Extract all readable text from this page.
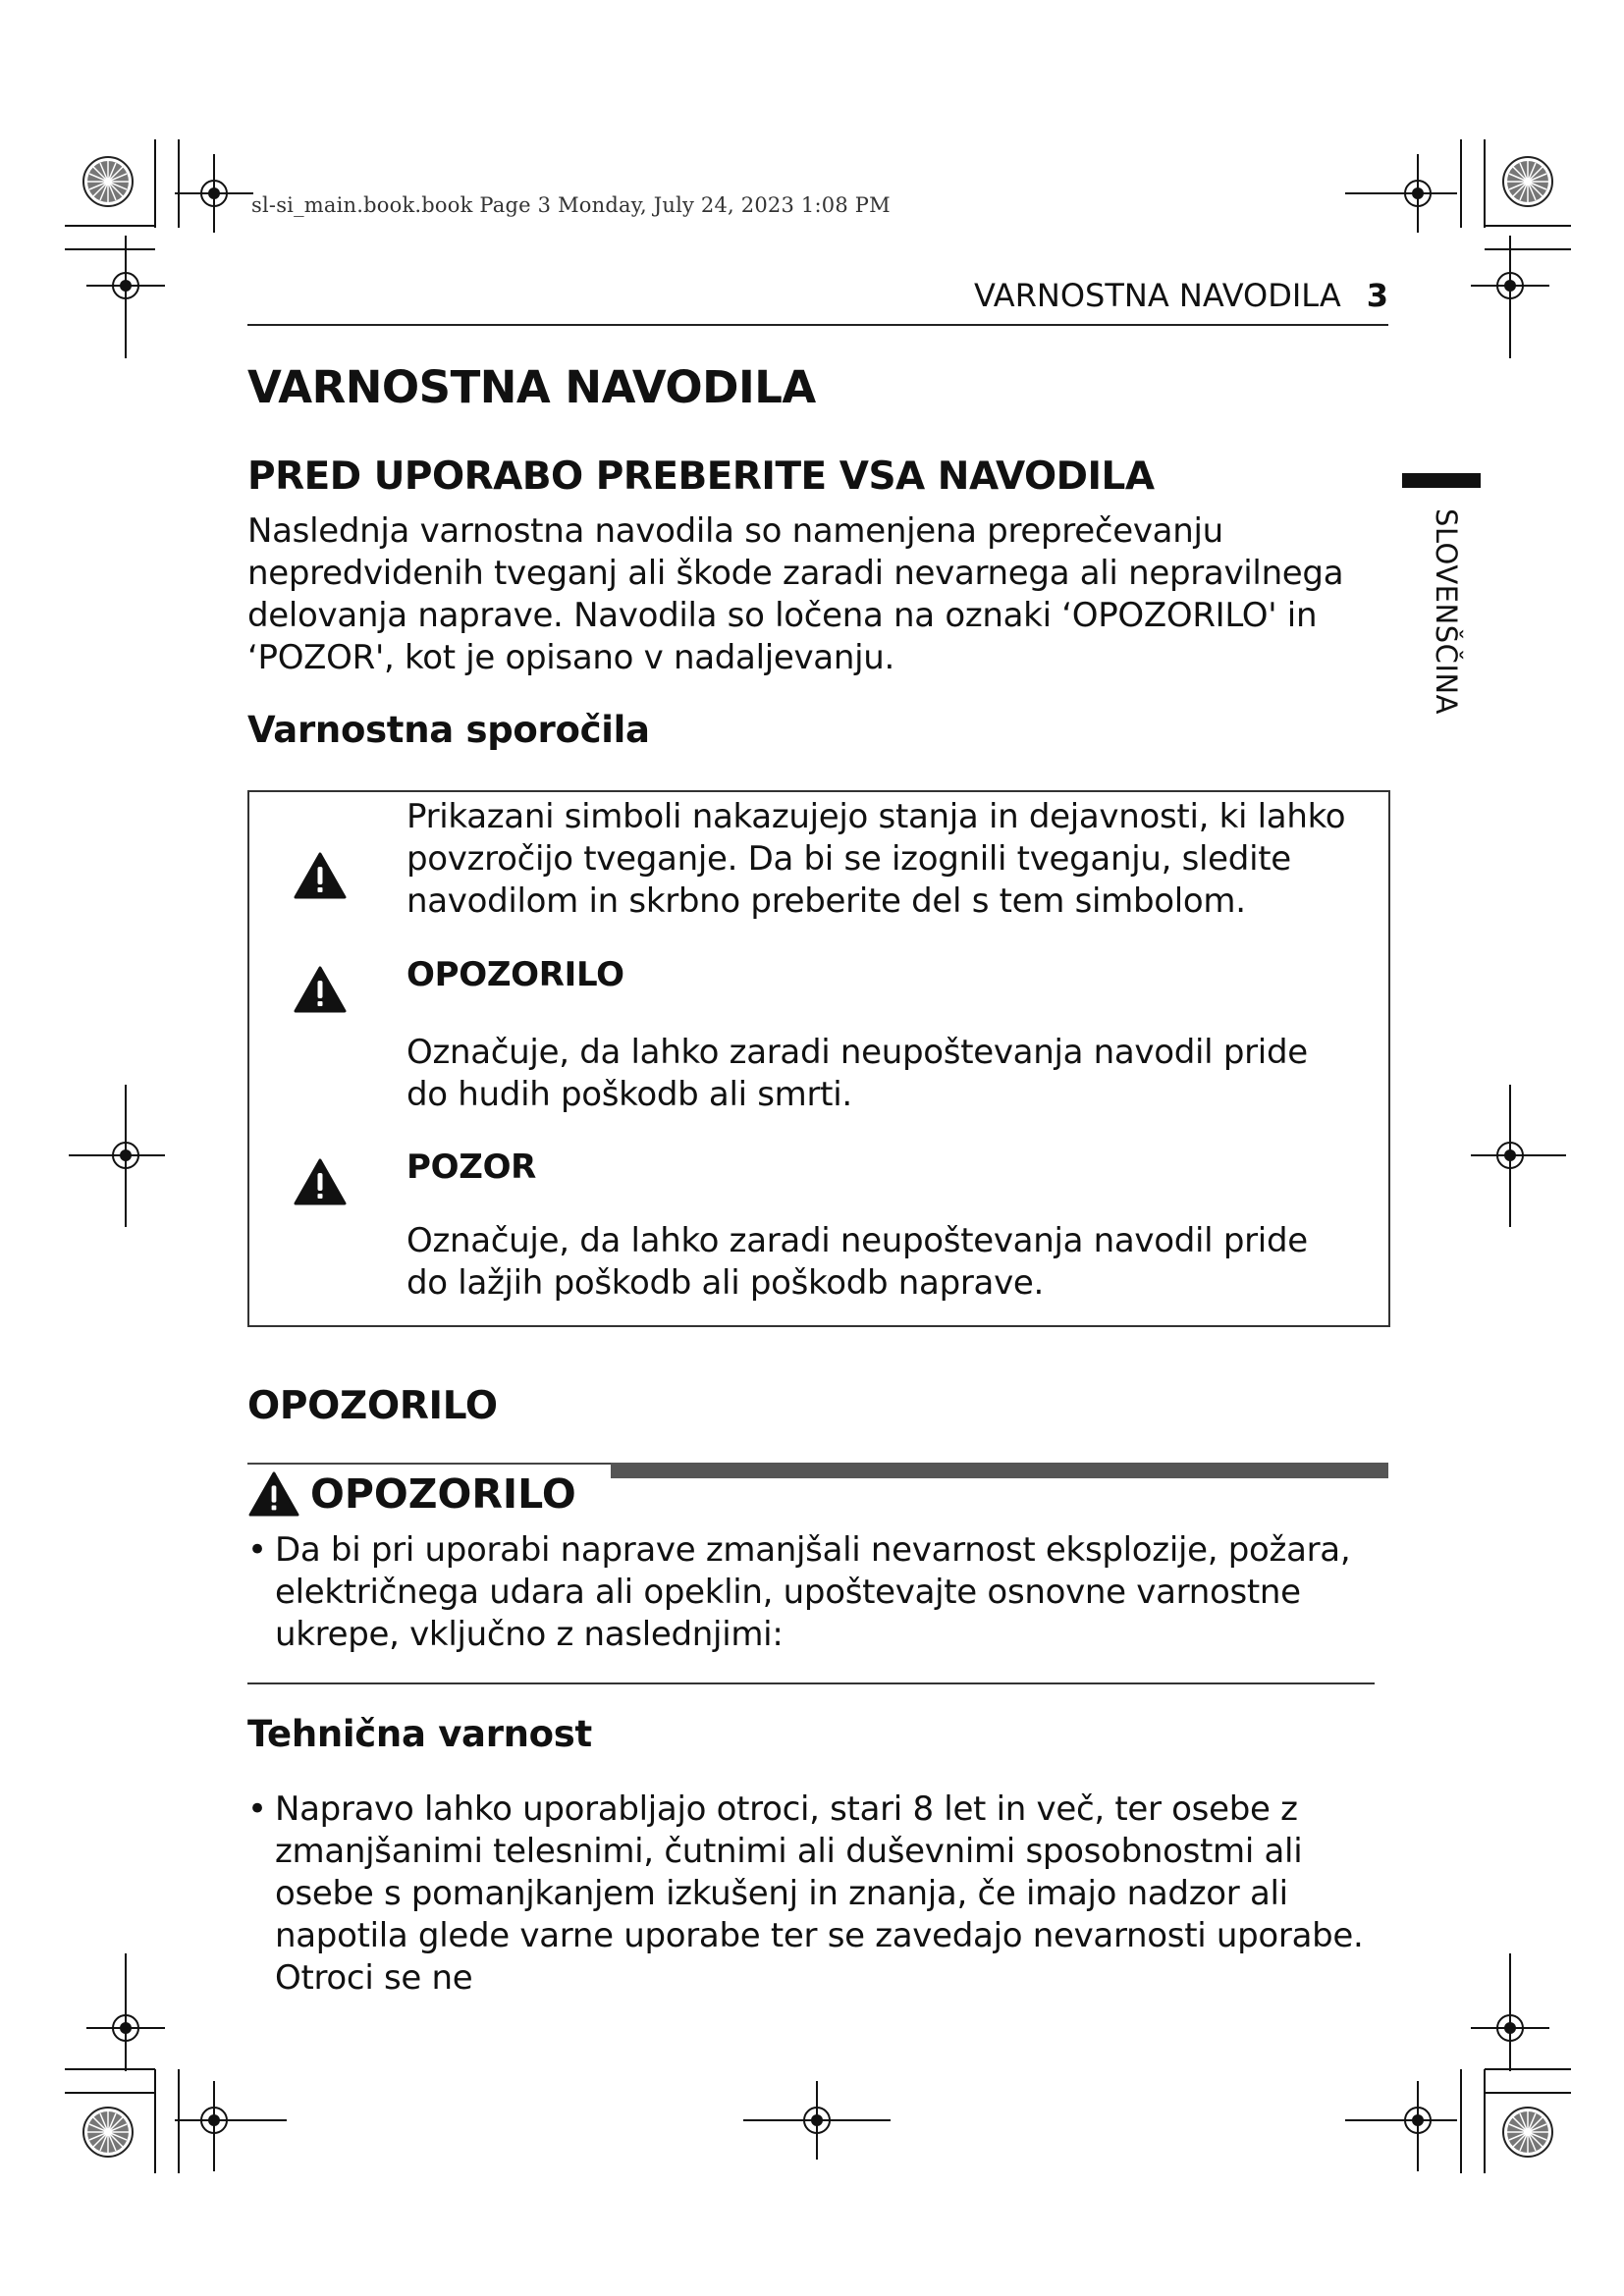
sl-si_main.book.book Page 3 Monday, July 24, 2023 1:08 PM
VARNOSTNA NAVODILA 3
SLOVENŠČINA
VARNOSTNA NAVODILA
PRED UPORABO PREBERITE VSA NAVODILA
Naslednja varnostna navodila so namenjena preprečevanju nepredvidenih tveganj ali škode zaradi nevarnega ali nepravilnega delovanja naprave. Navodila so ločena na oznaki ‘OPOZORILO' in ‘POZOR', kot je opisano v nadaljevanju.
Varnostna sporočila
Prikazani simboli nakazujejo stanja in dejavnosti, ki lahko povzročijo tveganje. Da bi se izognili tveganju, sledite navodilom in skrbno preberite del s tem simbolom.
OPOZORILO
Označuje, da lahko zaradi neupoštevanja navodil pride do hudih poškodb ali smrti.
POZOR
Označuje, da lahko zaradi neupoštevanja navodil pride do lažjih poškodb ali poškodb naprave.
OPOZORILO
OPOZORILO
• Da bi pri uporabi naprave zmanjšali nevarnost eksplozije, požara, električnega udara ali opeklin, upoštevajte osnovne varnostne ukrepe, vključno z naslednjimi:
Tehnična varnost
• Napravo lahko uporabljajo otroci, stari 8 let in več, ter osebe z zmanjšanimi telesnimi, čutnimi ali duševnimi sposobnostmi ali osebe s pomanjkanjem izkušenj in znanja, če imajo nadzor ali napotila glede varne uporabe ter se zavedajo nevarnosti uporabe. Otroci se ne
